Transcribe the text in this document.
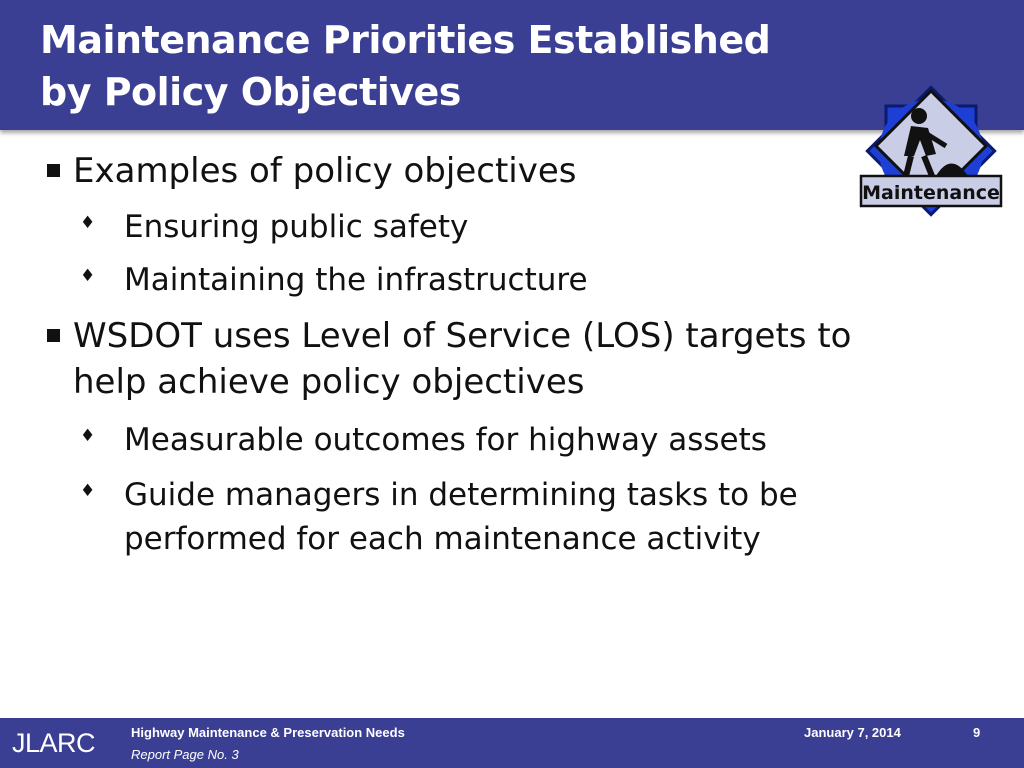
Maintenance Priorities Established
by Policy Objectives
Maintenance
Examples of policy objectives
♦ Ensuring public safety
♦ Maintaining the infrastructure
WSDOT uses Level of Service (LOS) targets to
help achieve policy objectives
♦ Measurable outcomes for highway assets
♦ Guide managers in determining tasks to be
performed for each maintenance activity
JLARC	Highway Maintenance & Preservation Needs
Report Page No. 3
January 7, 2014	9
